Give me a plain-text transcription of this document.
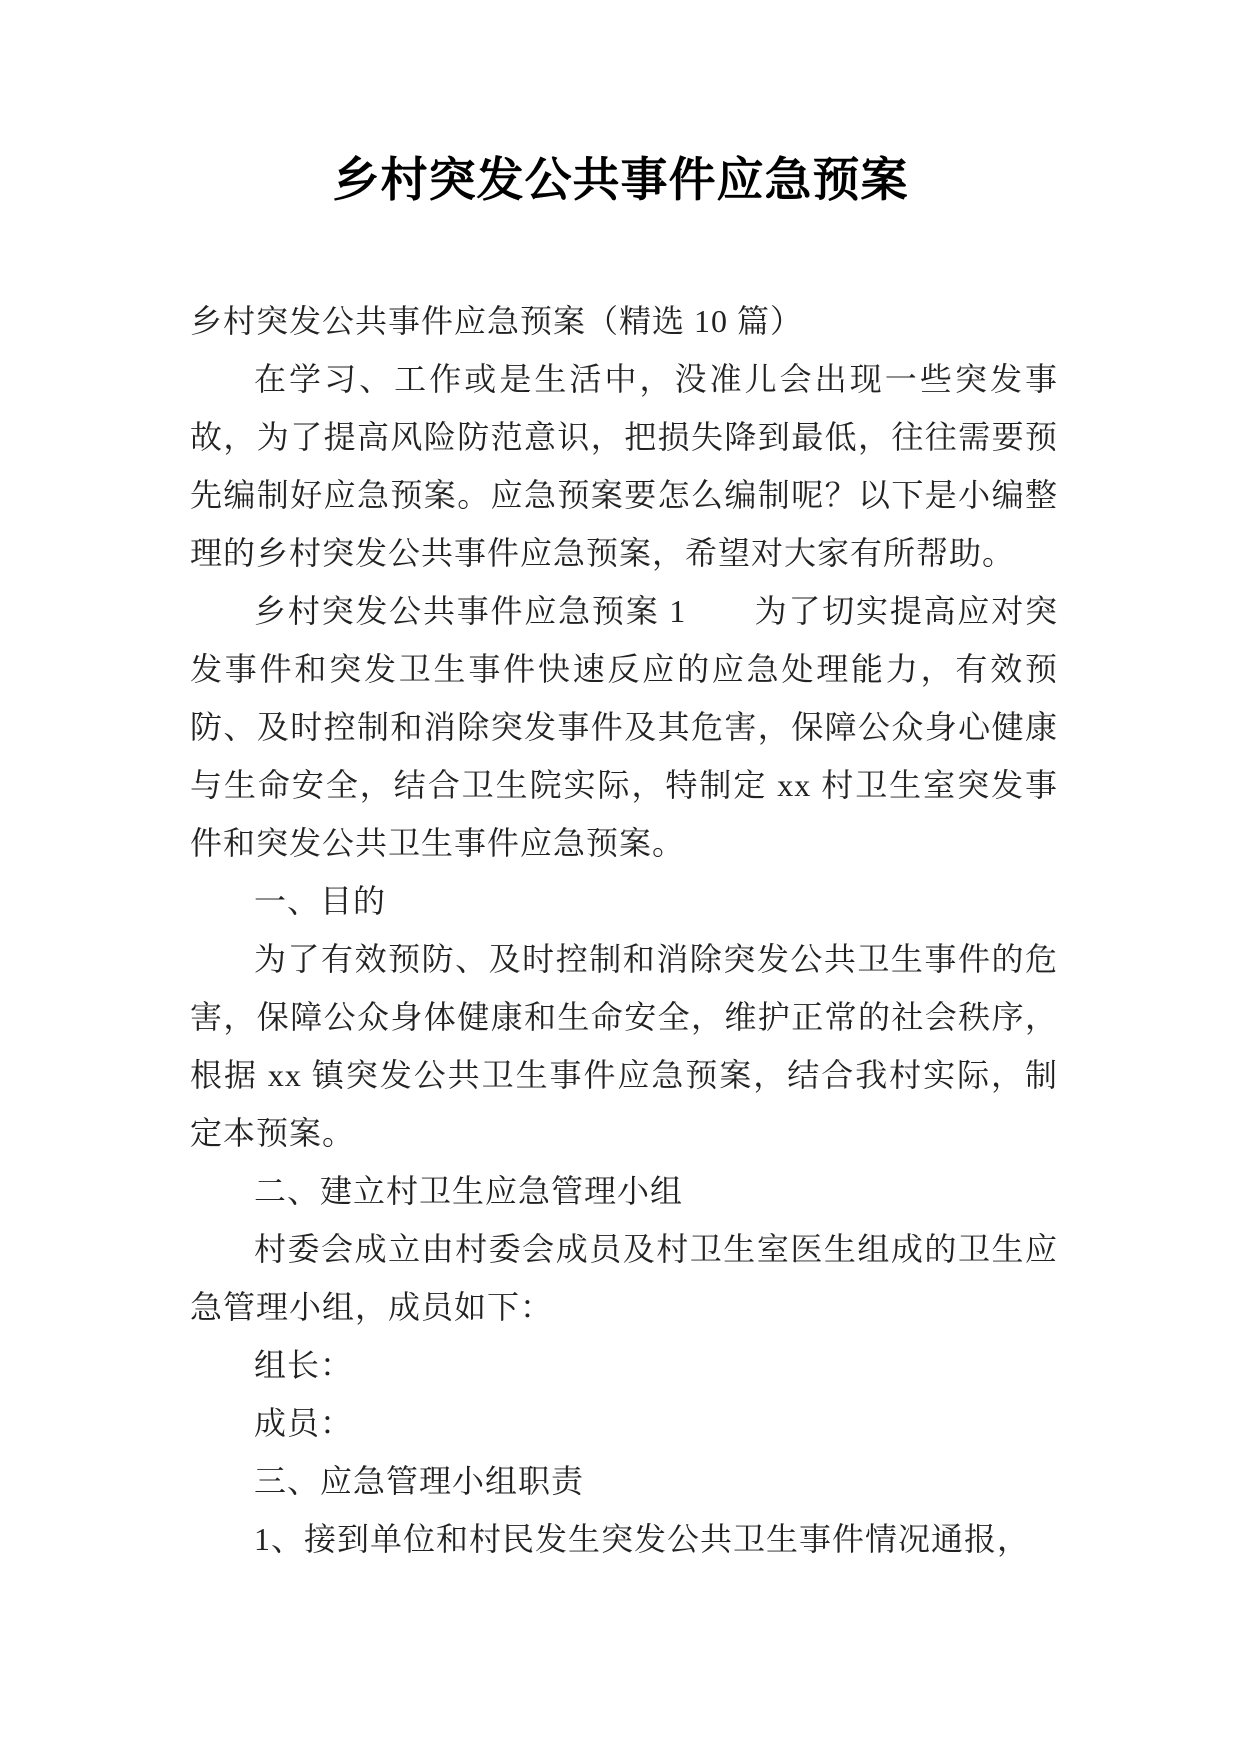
乡村突发公共事件应急预案

乡村突发公共事件应急预案（精选 10 篇）

在学习、工作或是生活中，没准儿会出现一些突发事故，为了提高风险防范意识，把损失降到最低，往往需要预先编制好应急预案。应急预案要怎么编制呢？以下是小编整理的乡村突发公共事件应急预案，希望对大家有所帮助。

乡村突发公共事件应急预案 1　　为了切实提高应对突发事件和突发卫生事件快速反应的应急处理能力，有效预防、及时控制和消除突发事件及其危害，保障公众身心健康与生命安全，结合卫生院实际，特制定 xx 村卫生室突发事件和突发公共卫生事件应急预案。

一、目的

为了有效预防、及时控制和消除突发公共卫生事件的危害，保障公众身体健康和生命安全，维护正常的社会秩序，根据 xx 镇突发公共卫生事件应急预案，结合我村实际，制定本预案。

二、建立村卫生应急管理小组

村委会成立由村委会成员及村卫生室医生组成的卫生应急管理小组，成员如下：

组长：

成员：

三、应急管理小组职责

1、接到单位和村民发生突发公共卫生事件情况通报，
